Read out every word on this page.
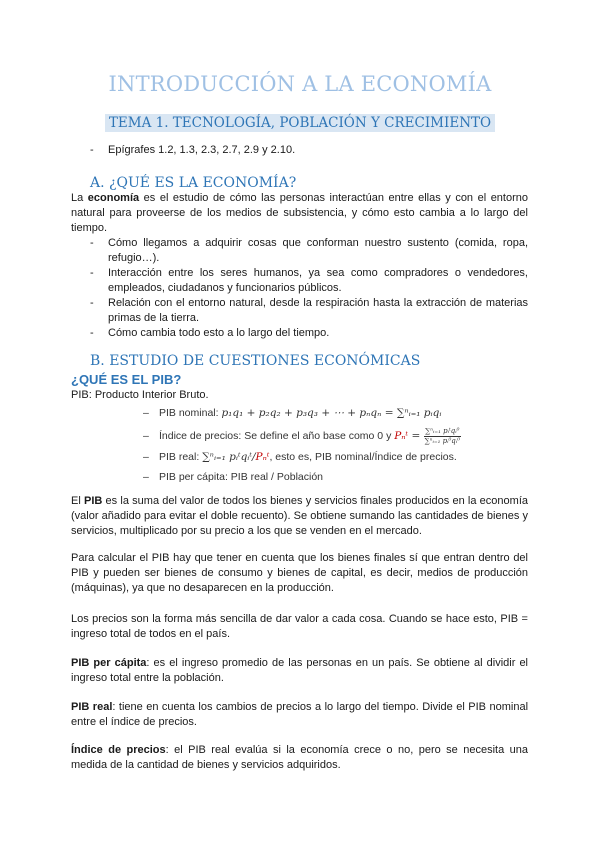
INTRODUCCIÓN A LA ECONOMÍA
TEMA 1. TECNOLOGÍA, POBLACIÓN Y CRECIMIENTO
- Epígrafes 1.2, 1.3, 2.3, 2.7, 2.9 y 2.10.
A. ¿QUÉ ES LA ECONOMÍA?
La economía es el estudio de cómo las personas interactúan entre ellas y con el entorno natural para proveerse de los medios de subsistencia, y cómo esto cambia a lo largo del tiempo.
- Cómo llegamos a adquirir cosas que conforman nuestro sustento (comida, ropa, refugio…).
- Interacción entre los seres humanos, ya sea como compradores o vendedores, empleados, ciudadanos y funcionarios públicos.
- Relación con el entorno natural, desde la respiración hasta la extracción de materias primas de la tierra.
- Cómo cambia todo esto a lo largo del tiempo.
B. ESTUDIO DE CUESTIONES ECONÓMICAS
¿QUÉ ES EL PIB?
PIB: Producto Interior Bruto.
– PIB nominal: p₁q₁ + p₂q₂ + p₃q₃ + ⋯ + pₙqₙ = ∑ⁿᵢ₌₁ pᵢqᵢ
– Índice de precios: Se define el año base como 0 y Pₙᵗ = $\frac{\text{∑ⁿᵢ₌₁ pᵢᵗqᵢ⁰}}{\text{∑ⁿᵢ₌₁ pᵢ⁰qᵢ⁰}}$
– PIB real: ∑ⁿᵢ₌₁ pᵢᵗqᵢᵗ/Pₙᵗ, esto es, PIB nominal/Índice de precios.
– PIB per cápita: PIB real / Población
El PIB es la suma del valor de todos los bienes y servicios finales producidos en la economía (valor añadido para evitar el doble recuento). Se obtiene sumando las cantidades de bienes y servicios, multiplicado por su precio a los que se venden en el mercado.
Para calcular el PIB hay que tener en cuenta que los bienes finales sí que entran dentro del PIB y pueden ser bienes de consumo y bienes de capital, es decir, medios de producción (máquinas), ya que no desaparecen en la producción.
Los precios son la forma más sencilla de dar valor a cada cosa. Cuando se hace esto, PIB = ingreso total de todos en el país.
PIB per cápita: es el ingreso promedio de las personas en un país. Se obtiene al dividir el ingreso total entre la población.
PIB real: tiene en cuenta los cambios de precios a lo largo del tiempo. Divide el PIB nominal entre el índice de precios.
Índice de precios: el PIB real evalúa si la economía crece o no, pero se necesita una medida de la cantidad de bienes y servicios adquiridos.
